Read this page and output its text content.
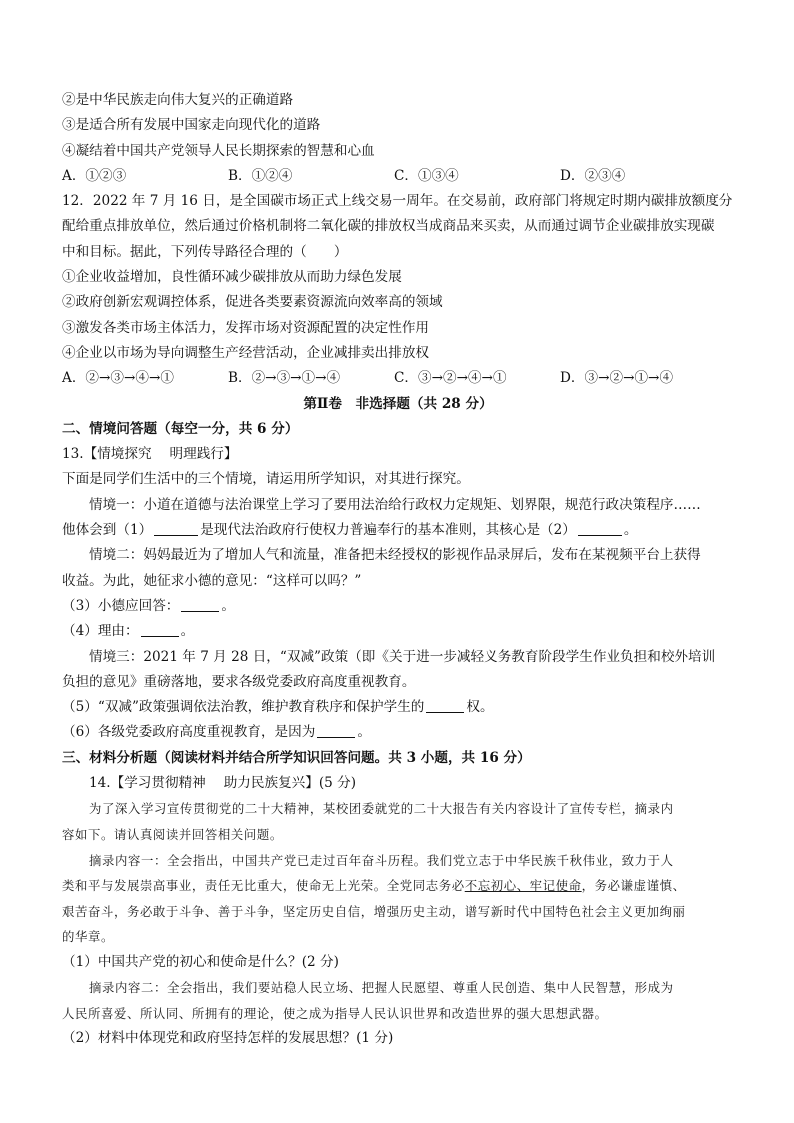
②是中华民族走向伟大复兴的正确道路
③是适合所有发展中国家走向现代化的道路
④凝结着中国共产党领导人民长期探索的智慧和心血
A．①②③	B．①②④	C．①③④	D．②③④
12．2022 年 7 月 16 日，是全国碳市场正式上线交易一周年。在交易前，政府部门将规定时期内碳排放额度分
配给重点排放单位，然后通过价格机制将二氧化碳的排放权当成商品来买卖，从而通过调节企业碳排放实现碳
中和目标。据此，下列传导路径合理的（　　）
①企业收益增加，良性循环减少碳排放从而助力绿色发展
②政府创新宏观调控体系，促进各类要素资源流向效率高的领域
③激发各类市场主体活力，发挥市场对资源配置的决定性作用
④企业以市场为导向调整生产经营活动，企业减排卖出排放权
A．②→③→④→①	B．②→③→①→④	C．③→②→④→①	D．③→②→①→④
第Ⅱ卷　非选择题（共 28 分）
二、情境问答题（每空一分，共 6 分）
13.【情境探究　 明理践行】
下面是同学们生活中的三个情境，请运用所学知识，对其进行探究。
情境一：小道在道德与法治课堂上学习了要用法治给行政权力定规矩、划界限，规范行政决策程序……
他体会到（1）	是现代法治政府行使权力普遍奉行的基本准则，其核心是（2）	。
情境二：妈妈最近为了增加人气和流量，准备把未经授权的影视作品录屏后，发布在某视频平台上获得
收益。为此，她征求小德的意见：“这样可以吗？”
（3）小德应回答：	。
（4）理由：	。
情境三：2021 年 7 月 28 日，“双减”政策（即《关于进一步减轻义务教育阶段学生作业负担和校外培训
负担的意见》重磅落地，要求各级党委政府高度重视教育。
（5）“双减”政策强调依法治教，维护教育秩序和保护学生的	权。
（6）各级党委政府高度重视教育，是因为	。
三、材料分析题（阅读材料并结合所学知识回答问题。共 3 小题，共 16 分）
14.【学习贯彻精神　 助力民族复兴】(5 分)
为了深入学习宣传贯彻党的二十大精神，某校团委就党的二十大报告有关内容设计了宣传专栏，摘录内
容如下。请认真阅读并回答相关问题。
摘录内容一：全会指出，中国共产党已走过百年奋斗历程。我们党立志于中华民族千秋伟业，致力于人
类和平与发展崇高事业，责任无比重大，使命无上光荣。全党同志务必不忘初心、牢记使命，务必谦虚谨慎、
艰苦奋斗，务必敢于斗争、善于斗争，坚定历史自信，增强历史主动，谱写新时代中国特色社会主义更加绚丽
的华章。
（1）中国共产党的初心和使命是什么？(2 分)
摘录内容二：全会指出，我们要站稳人民立场、把握人民愿望、尊重人民创造、集中人民智慧，形成为
人民所喜爱、所认同、所拥有的理论，使之成为指导人民认识世界和改造世界的强大思想武器。
（2）材料中体现党和政府坚持怎样的发展思想？(1 分)
